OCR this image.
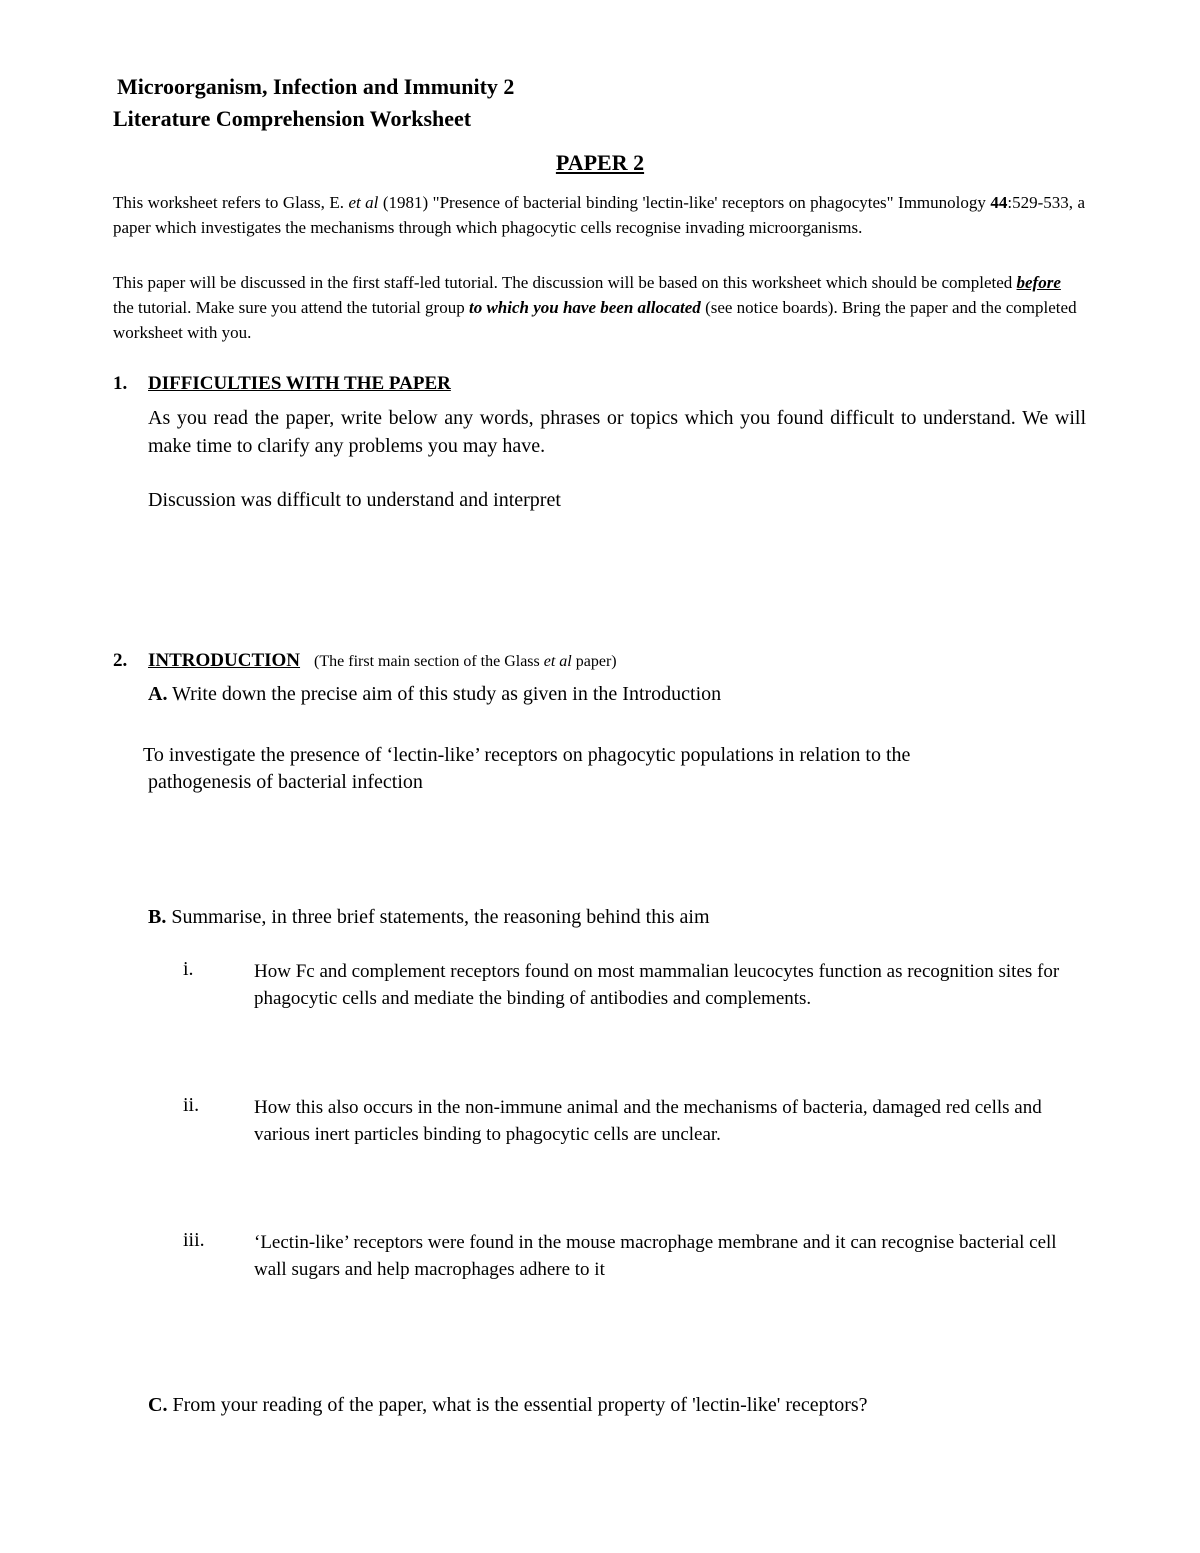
Microorganism, Infection and Immunity 2
Literature Comprehension Worksheet
PAPER 2
This worksheet refers to Glass, E. et al (1981) "Presence of bacterial binding 'lectin-like' receptors on phagocytes" Immunology 44:529-533, a paper which investigates the mechanisms through which phagocytic cells recognise invading microorganisms.
This paper will be discussed in the first staff-led tutorial. The discussion will be based on this worksheet which should be completed before the tutorial. Make sure you attend the tutorial group to which you have been allocated (see notice boards). Bring the paper and the completed worksheet with you.
1. DIFFICULTIES WITH THE PAPER
As you read the paper, write below any words, phrases or topics which you found difficult to understand. We will make time to clarify any problems you may have.
Discussion was difficult to understand and interpret
2. INTRODUCTION (The first main section of the Glass et al paper)
A. Write down the precise aim of this study as given in the Introduction
To investigate the presence of ‘lectin-like’ receptors on phagocytic populations in relation to the
pathogenesis of bacterial infection
B. Summarise, in three brief statements, the reasoning behind this aim
i.	How Fc and complement receptors found on most mammalian leucocytes function as recognition sites for phagocytic cells and mediate the binding of antibodies and complements.
ii.	How this also occurs in the non-immune animal and the mechanisms of bacteria, damaged red cells and various inert particles binding to phagocytic cells are unclear.
iii.	‘Lectin-like’ receptors were found in the mouse macrophage membrane and it can recognise bacterial cell wall sugars and help macrophages adhere to it
C. From your reading of the paper, what is the essential property of 'lectin-like' receptors?
